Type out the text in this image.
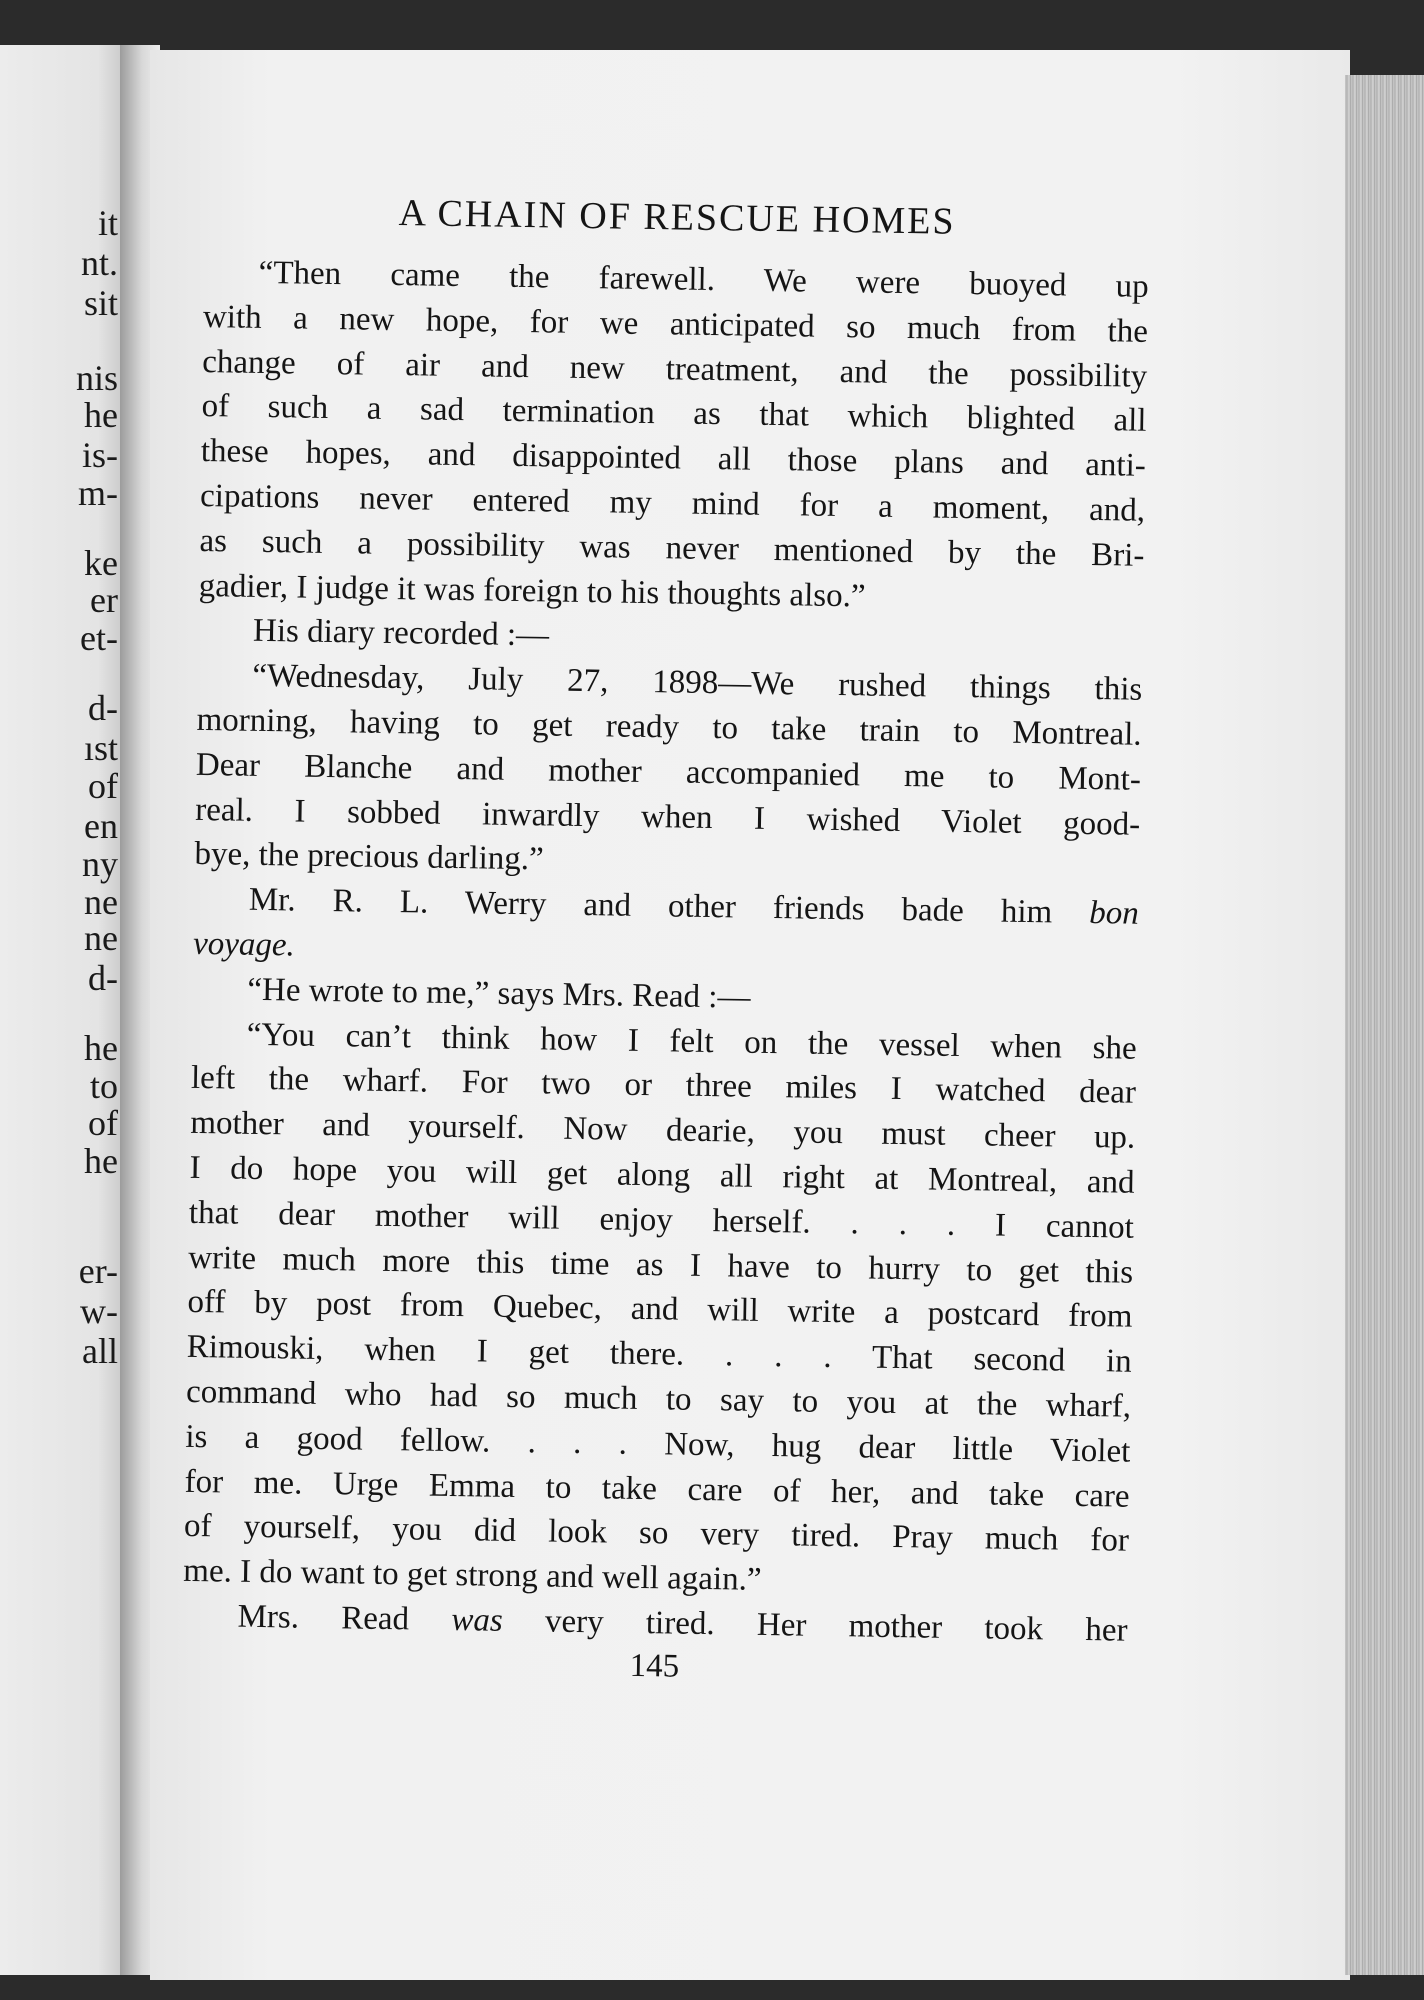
it
nt.
sit
nis
he
is-
m-
ke
er
et-
d-
ıst
of
en
ny
ne
ne
d-
he
to
of
he
er-
w-
all
A CHAIN OF RESCUE HOMES
“Then came the farewell. We were buoyed up
with a new hope, for we anticipated so much from the
change of air and new treatment, and the possibility
of such a sad termination as that which blighted all
these hopes, and disappointed all those plans and anti-
cipations never entered my mind for a moment, and,
as such a possibility was never mentioned by the Bri-
gadier, I judge it was foreign to his thoughts also.”
His diary recorded :—
“Wednesday, July 27, 1898—We rushed things this
morning, having to get ready to take train to Montreal.
Dear Blanche and mother accompanied me to Mont-
real. I sobbed inwardly when I wished Violet good-
bye, the precious darling.”
Mr. R. L. Werry and other friends bade him bon
voyage.
“He wrote to me,” says Mrs. Read :—
“You can’t think how I felt on the vessel when she
left the wharf. For two or three miles I watched dear
mother and yourself. Now dearie, you must cheer up.
I do hope you will get along all right at Montreal, and
that dear mother will enjoy herself. . . . I cannot
write much more this time as I have to hurry to get this
off by post from Quebec, and will write a postcard from
Rimouski, when I get there. . . . That second in
command who had so much to say to you at the wharf,
is a good fellow. . . . Now, hug dear little Violet
for me. Urge Emma to take care of her, and take care
of yourself, you did look so very tired. Pray much for
me. I do want to get strong and well again.”
Mrs. Read was very tired. Her mother took her
145
